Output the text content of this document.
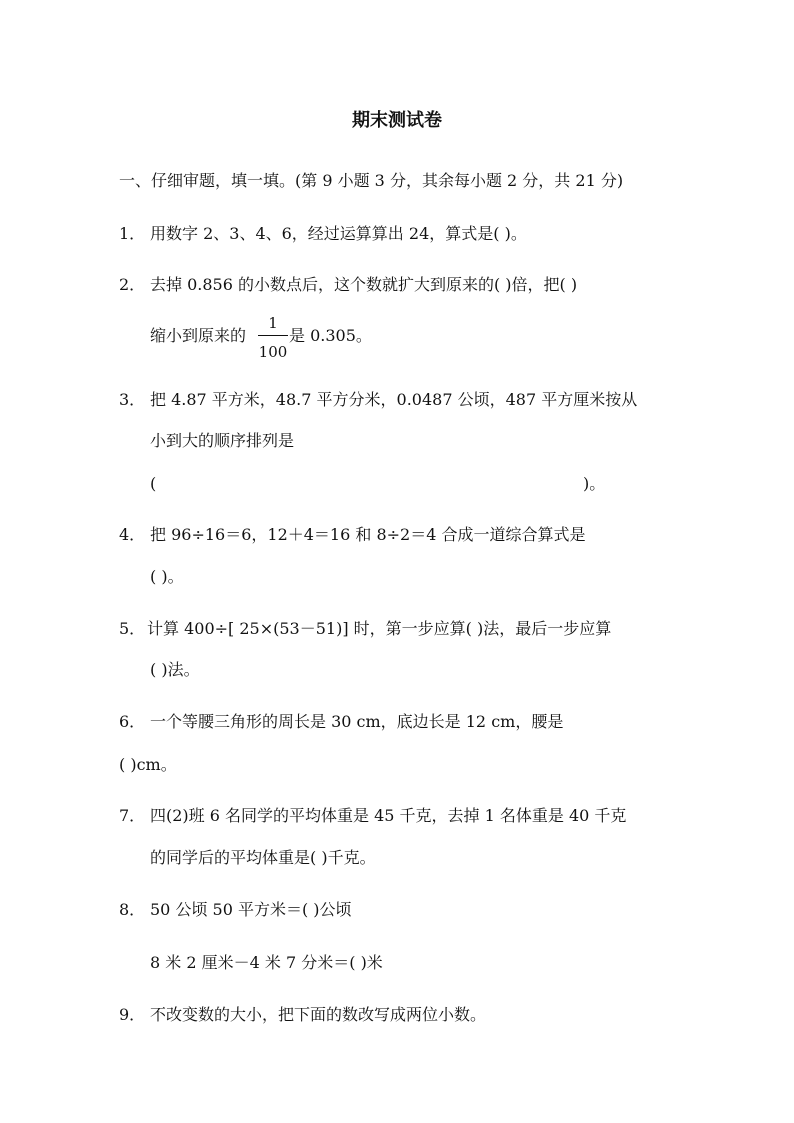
期末测试卷
一、仔细审题，填一填。(第 9 小题 3 分，其余每小题 2 分，共 21 分)
1． 用数字 2、3、4、6，经过运算算出 24，算式是( )。
2． 去掉 0.856 的小数点后，这个数就扩大到原来的( )倍，把( )
缩小到原来的
1
100
是 0.305。
3． 把 4.87 平方米，48.7 平方分米，0.0487 公顷，487 平方厘米按从
小到大的顺序排列是
(	)。
4． 把 96÷16＝6，12＋4＝16 和 8÷2＝4 合成一道综合算式是
( )。
5． 计算 400÷[ 25×(53－51)] 时，第一步应算( )法，最后一步应算
( )法。
6． 一个等腰三角形的周长是 30 cm，底边长是 12 cm，腰是
( )cm。
7． 四(2)班 6 名同学的平均体重是 45 千克，去掉 1 名体重是 40 千克
的同学后的平均体重是( )千克。
8． 50 公顷 50 平方米＝( )公顷
8 米 2 厘米－4 米 7 分米＝( )米
9． 不改变数的大小，把下面的数改写成两位小数。
